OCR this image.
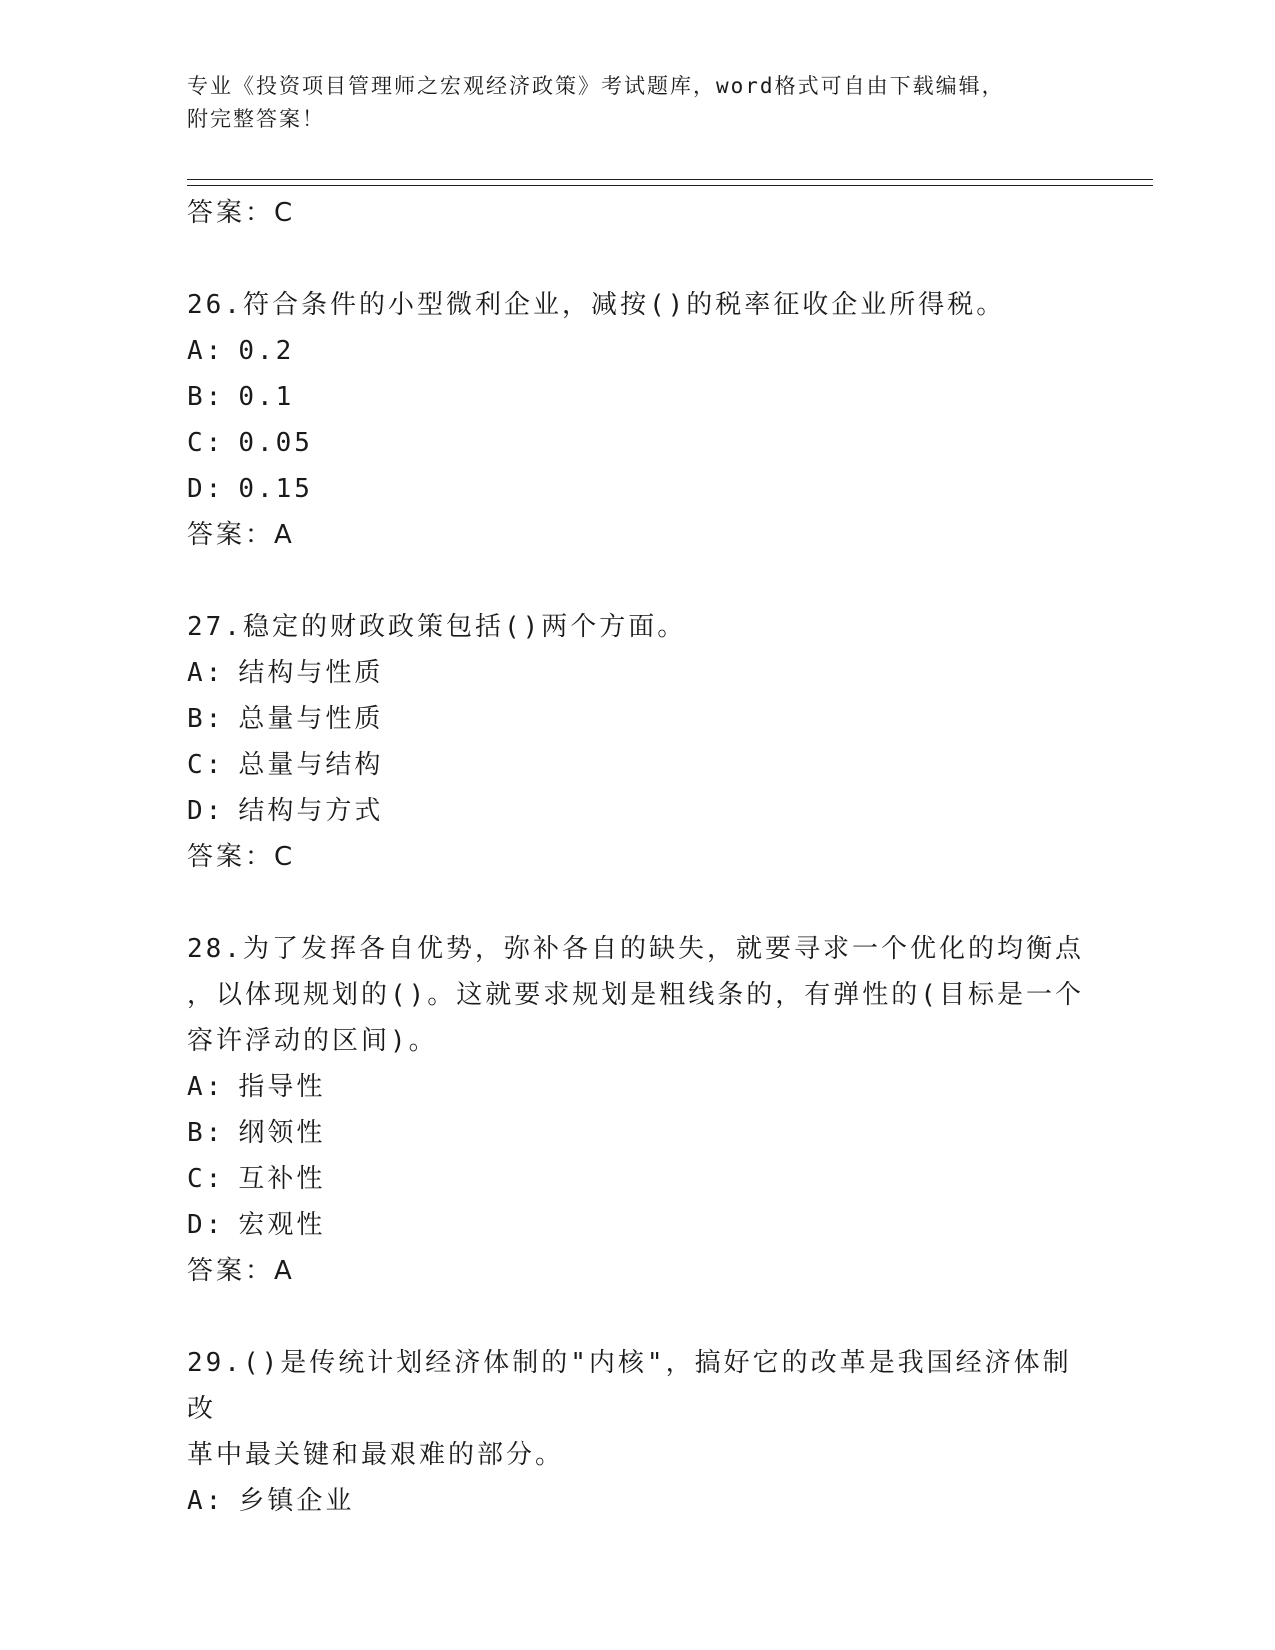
专业《投资项目管理师之宏观经济政策》考试题库，word格式可自由下载编辑，
附完整答案！
答案：C
26.符合条件的小型微利企业，减按()的税率征收企业所得税。
A: 0.2
B: 0.1
C: 0.05
D: 0.15
答案：A
27.稳定的财政政策包括()两个方面。
A: 结构与性质
B: 总量与性质
C: 总量与结构
D: 结构与方式
答案：C
28.为了发挥各自优势，弥补各自的缺失，就要寻求一个优化的均衡点
，以体现规划的()。这就要求规划是粗线条的，有弹性的(目标是一个
容许浮动的区间)。
A: 指导性
B: 纲领性
C: 互补性
D: 宏观性
答案：A
29.()是传统计划经济体制的"内核"，搞好它的改革是我国经济体制改
革中最关键和最艰难的部分。
A: 乡镇企业
